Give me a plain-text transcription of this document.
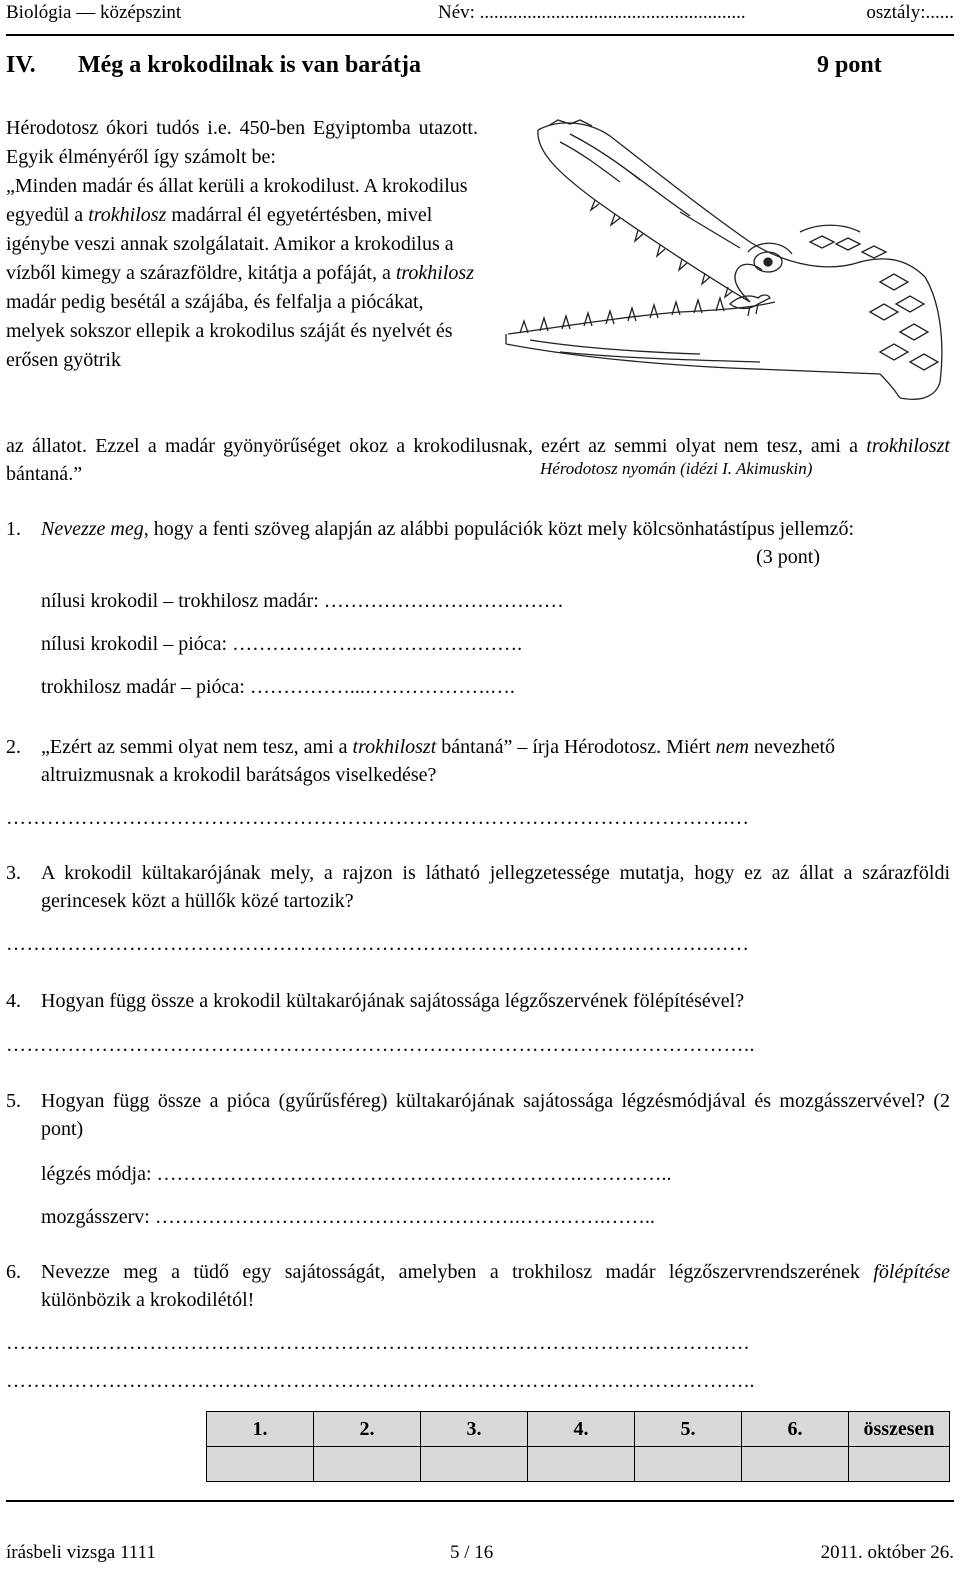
Biológia — középszint	Név: ........................................................	osztály:......
IV. Még a krokodilnak is van barátja	9 pont

Hérodotosz ókori tudós i.e. 450-ben Egyiptomba utazott. Egyik élményéről így számolt be:

„Minden madár és állat kerüli a krokodilust. A krokodilus egyedül a trokhilosz madárral él egyetértésben, mivel igénybe veszi annak szolgálatait. Amikor a krokodilus a vízből kimegy a szárazföldre, kitátja a pofáját, a trokhilosz madár pedig besétál a szájába, és felfalja a piócákat, melyek sokszor ellepik a krokodilus száját és nyelvét és erősen gyötrik

az állatot. Ezzel a madár gyönyörűséget okoz a krokodilusnak, ezért az semmi olyat nem tesz, ami a trokhiloszt bántaná.”	Hérodotosz nyomán (idézi I. Akimuskin)
1. Nevezze meg, hogy a fenti szöveg alapján az alábbi populációk közt mely kölcsönhatástípus jellemző:
(3 pont)
nílusi krokodil – trokhilosz madár: ………………………………
nílusi krokodil – pióca: ……………….…………………….
trokhilosz madár – pióca: ……………...……………….….
2. „Ezért az semmi olyat nem tesz, ami a trokhiloszt bántaná” – írja Hérodotosz. Miért nem nevezhető altruizmusnak a krokodil barátságos viselkedése?
…………………………………………………………………………………………….…
3. A krokodil kültakarójának mely, a rajzon is látható jellegzetessége mutatja, hogy ez az állat a szárazföldi gerincesek közt a hüllők közé tartozik?
………………………………………………………………………………………….……
4. Hogyan függ össze a krokodil kültakarójának sajátossága légzőszervének fölépítésével?
………………………………………………………………………………………………..
5. Hogyan függ össze a pióca (gyűrűsféreg) kültakarójának sajátossága légzésmódjával és mozgásszervével? (2 pont)
légzés módja: ……………………………………………………….…………..
mozgásszerv: ……………………………………………….………….……..
6. Nevezze meg a tüdő egy sajátosságát, amelyben a trokhilosz madár légzőszervrendszerének fölépítése különbözik a krokodilétól!
……………………………………………………………………………………………….
………………………………………………………………………………………………..
1.	2.	3.	4.	5.	6.	összesen

írásbeli vizsga 1111	5 / 16	2011. október 26.
